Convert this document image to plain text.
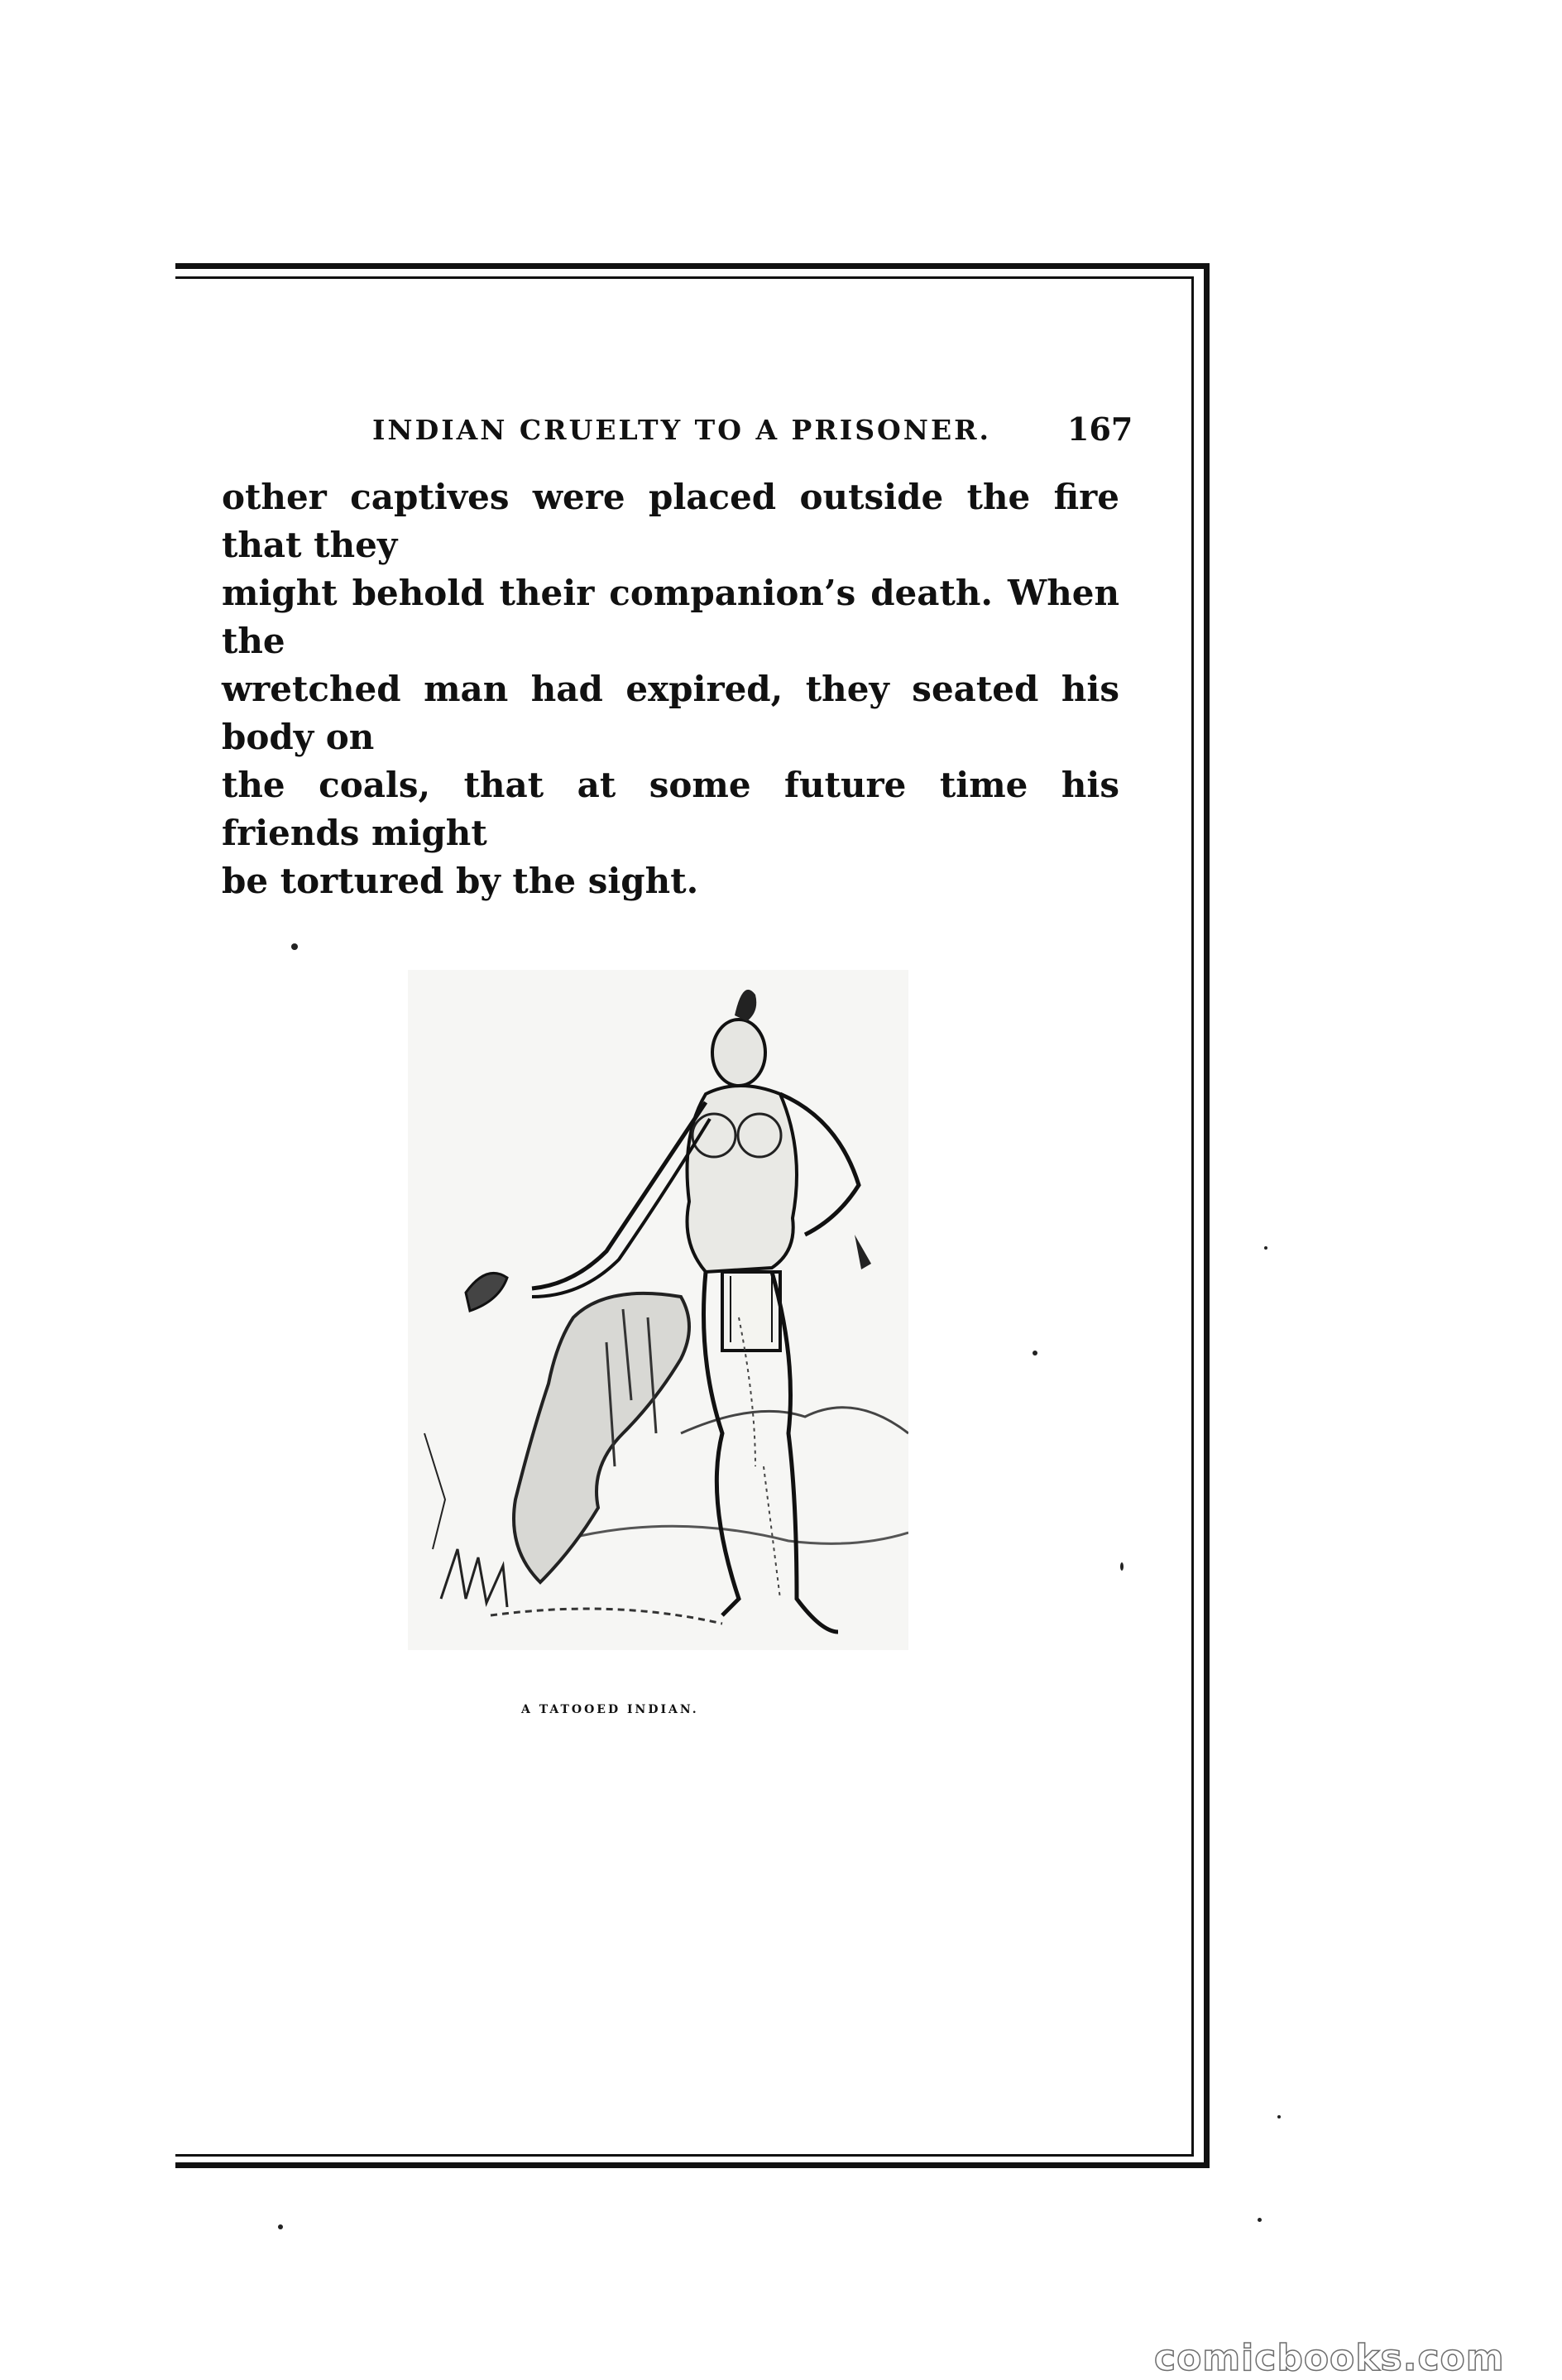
INDIAN CRUELTY TO A PRISONER.	167
other captives were placed outside the fire that they
might behold their companion’s death. When the
wretched man had expired, they seated his body on
the coals, that at some future time his friends might
be tortured by the sight.
A TATOOED INDIAN.
comicbooks.com
